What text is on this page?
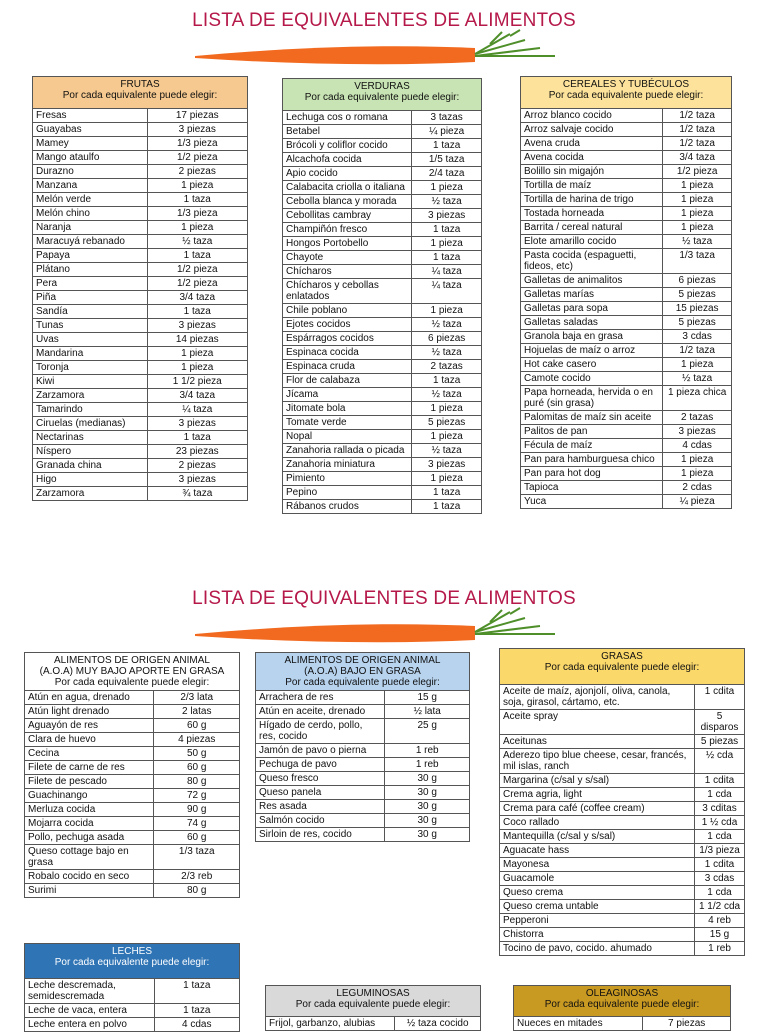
LISTA DE EQUIVALENTES DE ALIMENTOS
FRUTAS
Por cada equivalente puede elegir:	

Fresas	17 piezas
Guayabas	3 piezas
Mamey	1/3 pieza
Mango ataulfo	1/2 pieza
Durazno	2 piezas
Manzana	1 pieza
Melón verde	1 taza
Melón chino	1/3 pieza
Naranja	1 pieza
Maracuyá rebanado	½ taza
Papaya	1 taza
Plátano	1/2 pieza
Pera	1/2 pieza
Piña	3/4 taza
Sandía	1 taza
Tunas	3 piezas
Uvas	14 piezas
Mandarina	1 pieza
Toronja	1 pieza
Kiwi	1 1/2 pieza
Zarzamora	3/4 taza
Tamarindo	¼ taza
Ciruelas (medianas)	3 piezas
Nectarinas	1 taza
Níspero	23 piezas
Granada china	2 piezas
Higo	3 piezas
Zarzamora	¾ taza
VERDURAS
Por cada equivalente puede elegir:	

Lechuga cos o romana	3 tazas
Betabel	¼ pieza
Brócoli y coliflor cocido	1 taza
Alcachofa cocida	1/5 taza
Apio cocido	2/4 taza
Calabacita criolla o italiana	1 pieza
Cebolla blanca y morada	½ taza
Cebollitas cambray	3 piezas
Champiñón fresco	1 taza
Hongos Portobello	1 pieza
Chayote	1 taza
Chícharos	¼ taza
Chícharos y cebollas enlatados	¼ taza
Chile poblano	1 pieza
Ejotes cocidos	½ taza
Espárragos cocidos	6 piezas
Espinaca cocida	½ taza
Espinaca cruda	2 tazas
Flor de calabaza	1 taza
Jícama	½ taza
Jitomate bola	1 pieza
Tomate verde	5 piezas
Nopal	1 pieza
Zanahoria rallada o picada	½ taza
Zanahoria miniatura	3 piezas
Pimiento	1 pieza
Pepino	1 taza
Rábanos crudos	1 taza
CEREALES Y TUBÉCULOS
Por cada equivalente puede elegir:	

Arroz blanco cocido	1/2 taza
Arroz salvaje cocido	1/2 taza
Avena cruda	1/2 taza
Avena cocida	3/4 taza
Bolillo sin migajón	1/2 pieza
Tortilla de maíz	1 pieza
Tortilla de harina de trigo	1 pieza
Tostada horneada	1 pieza
Barrita / cereal natural	1 pieza
Elote amarillo cocido	½ taza
Pasta cocida (espaguetti, fideos, etc)	1/3 taza
Galletas de animalitos	6 piezas
Galletas marías	5 piezas
Galletas para sopa	15 piezas
Galletas saladas	5 piezas
Granola baja en grasa	3 cdas
Hojuelas de maíz o arroz	1/2 taza
Hot cake casero	1 pieza
Camote cocido	½ taza
Papa horneada, hervida o en puré (sin grasa)	1 pieza chica
Palomitas de maíz sin aceite	2 tazas
Palitos de pan	3 piezas
Fécula de maíz	4 cdas
Pan para hamburguesa chico	1 pieza
Pan para hot dog	1 pieza
Tapioca	2 cdas
Yuca	¼ pieza
LISTA DE EQUIVALENTES DE ALIMENTOS
ALIMENTOS DE ORIGEN ANIMAL
(A.O.A) MUY BAJO APORTE EN GRASA
Por cada equivalente puede elegir:	

Atún en agua, drenado	2/3 lata
Atún light drenado	2 latas
Aguayón de res	60 g
Clara de huevo	4 piezas
Cecina	50 g
Filete de carne de res	60 g
Filete de pescado	80 g
Guachinango	72 g
Merluza cocida	90 g
Mojarra cocida	74 g
Pollo, pechuga asada	60 g
Queso cottage bajo en grasa	1/3 taza
Robalo cocido en seco	2/3 reb
Surimi	80 g
ALIMENTOS DE ORIGEN ANIMAL
(A.O.A) BAJO EN GRASA
Por cada equivalente puede elegir:	

Arrachera de res	15 g
Atún en aceite, drenado	½ lata
Hígado de cerdo, pollo, res, cocido	25 g
Jamón de pavo o pierna	1 reb
Pechuga de pavo	1 reb
Queso fresco	30 g
Queso panela	30 g
Res asada	30 g
Salmón cocido	30 g
Sirloin de res, cocido	30 g
GRASAS
Por cada equivalente puede elegir:	

Aceite de maíz, ajonjolí, oliva, canola, soja, girasol, cártamo, etc.	1 cdita
Aceite spray	5 disparos
Aceitunas	5 piezas
Aderezo tipo blue cheese, cesar, francés, mil islas, ranch	½ cda
Margarina (c/sal y s/sal)	1 cdita
Crema agria, light	1 cda
Crema para café (coffee cream)	3 cditas
Coco rallado	1 ½ cda
Mantequilla (c/sal y s/sal)	1 cda
Aguacate hass	1/3 pieza
Mayonesa	1 cdita
Guacamole	3 cdas
Queso crema	1 cda
Queso crema untable	1 1/2 cda
Pepperoni	4 reb
Chistorra	15 g
Tocino de pavo, cocido. ahumado	1 reb
LECHES
Por cada equivalente puede elegir:	

Leche descremada, semidescremada	1 taza
Leche de vaca, entera	1 taza
Leche entera en polvo	4 cdas
LEGUMINOSAS
Por cada equivalente puede elegir:

Frijol, garbanzo, alubias	½ taza cocido
OLEAGINOSAS
Por cada equivalente puede elegir:

Nueces en mitades	7 piezas
